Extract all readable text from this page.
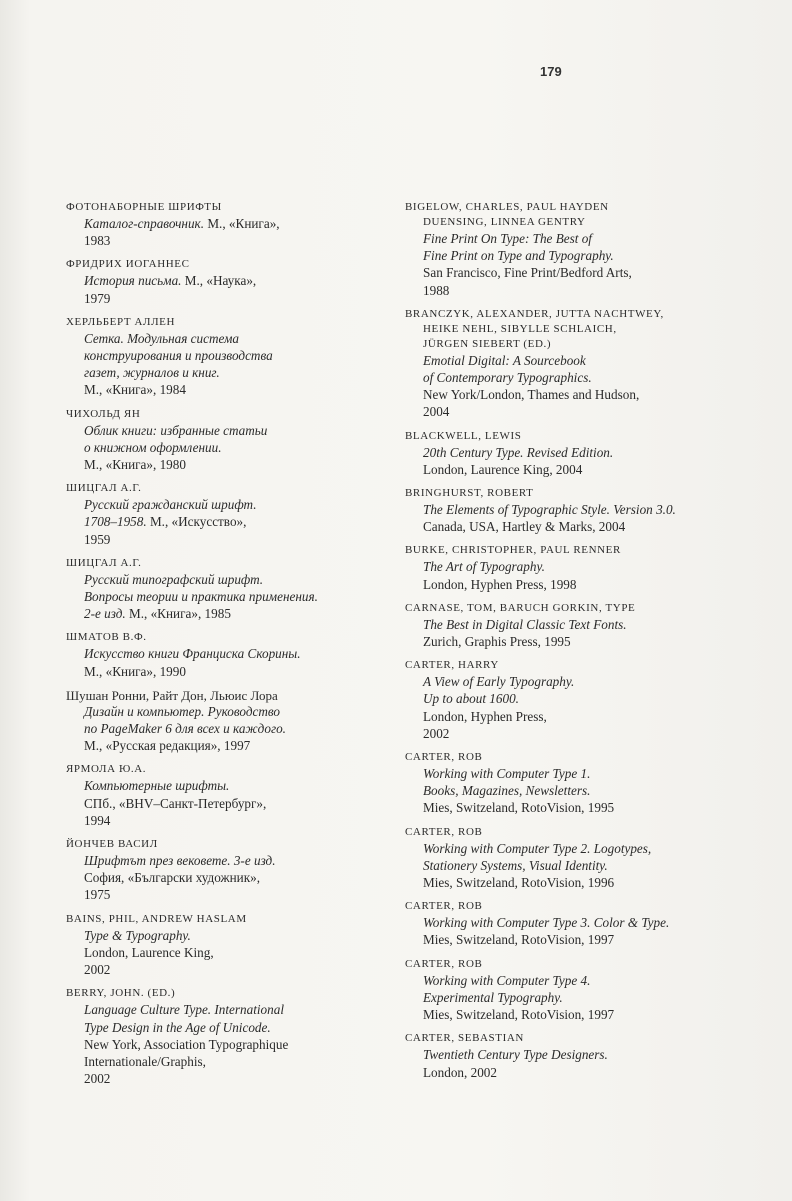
179
ФОТОНАБОРНЫЕ ШРИФТЫ
Каталог-справочник. М., «Книга»,
1983
ФРИДРИХ ИОГАННЕС
История письма. М., «Наука»,
1979
ХЕРЛЬБЕРТ АЛЛЕН
Сетка. Модульная система
конструирования и производства
газет, журналов и книг.
М., «Книга», 1984
ЧИХОЛЬД ЯН
Облик книги: избранные статьи
о книжном оформлении.
М., «Книга», 1980
ШИЦГАЛ А.Г.
Русский гражданский шрифт.
1708–1958. М., «Искусство»,
1959
ШИЦГАЛ А.Г.
Русский типографский шрифт.
Вопросы теории и практика применения.
2-е изд. М., «Книга», 1985
ШМАТОВ В.Ф.
Искусство книги Франциска Скорины.
М., «Книга», 1990
Шушан Ронни, Райт Дон, Льюис Лора
Дизайн и компьютер. Руководство
по PageMaker 6 для всех и каждого.
М., «Русская редакция», 1997
ЯРМОЛА Ю.А.
Компьютерные шрифты.
СПб., «BHV–Санкт-Петербург»,
1994
ЙОНЧЕВ ВАСИЛ
Шрифтът през вековете. 3-е изд.
София, «Български художник»,
1975
BAINS, PHIL, ANDREW HASLAM
Type & Typography.
London, Laurence King,
2002
BERRY, JOHN. (ED.)
Language Culture Type. International
Type Design in the Age of Unicode.
New York, Association Typographique
Internationale/Graphis,
2002
BIGELOW, CHARLES, PAUL HAYDEN
DUENSING, LINNEA GENTRY
Fine Print On Type: The Best of
Fine Print on Type and Typography.
San Francisco, Fine Print/Bedford Arts,
1988
BRANCZYK, ALEXANDER, JUTTA NACHTWEY,
HEIKE NEHL, SIBYLLE SCHLAICH,
JÜRGEN SIEBERT (ED.)
Emotial Digital: A Sourcebook
of Contemporary Typographics.
New York/London, Thames and Hudson,
2004
BLACKWELL, LEWIS
20th Century Type. Revised Edition.
London, Laurence King, 2004
BRINGHURST, ROBERT
The Elements of Typographic Style. Version 3.0.
Canada, USA, Hartley & Marks, 2004
BURKE, CHRISTOPHER, PAUL RENNER
The Art of Typography.
London, Hyphen Press, 1998
CARNASE, TOM, BARUCH GORKIN, TYPE
The Best in Digital Classic Text Fonts.
Zurich, Graphis Press, 1995
CARTER, HARRY
A View of Early Typography.
Up to about 1600.
London, Hyphen Press,
2002
CARTER, ROB
Working with Computer Type 1.
Books, Magazines, Newsletters.
Mies, Switzeland, RotoVision, 1995
CARTER, ROB
Working with Computer Type 2. Logotypes,
Stationery Systems, Visual Identity.
Mies, Switzeland, RotoVision, 1996
CARTER, ROB
Working with Computer Type 3. Color & Type.
Mies, Switzeland, RotoVision, 1997
CARTER, ROB
Working with Computer Type 4.
Experimental Typography.
Mies, Switzeland, RotoVision, 1997
CARTER, SEBASTIAN
Twentieth Century Type Designers.
London, 2002
